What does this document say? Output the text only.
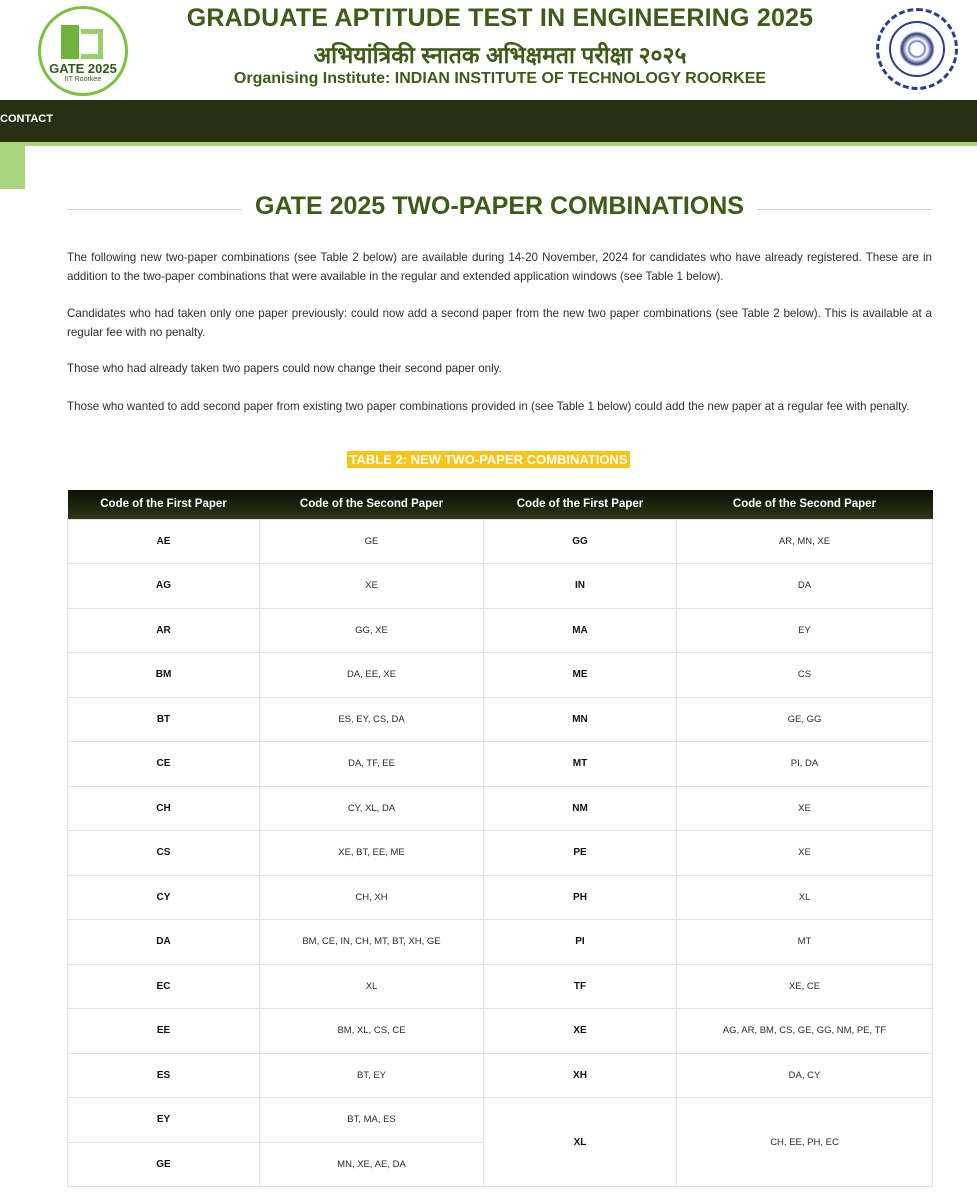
GATE 2025
IIT Roorkee
GRADUATE APTITUDE TEST IN ENGINEERING 2025
अभियांत्रिकी स्नातक अभिक्षमता परीक्षा २०२५
Organising Institute: INDIAN INSTITUTE OF TECHNOLOGY ROORKEE
CONTACT
GATE 2025 TWO-PAPER COMBINATIONS

The following new two-paper combinations (see Table 2 below) are available during 14-20 November, 2024 for candidates who have already registered. These are in addition to the two-paper combinations that were available in the regular and extended application windows (see Table 1 below).

Candidates who had taken only one paper previously: could now add a second paper from the new two paper combinations (see Table 2 below). This is available at a regular fee with no penalty.

Those who had already taken two papers could now change their second paper only.

Those who wanted to add second paper from existing two paper combinations provided in (see Table 1 below) could add the new paper at a regular fee with penalty.

TABLE 2: NEW TWO-PAPER COMBINATIONS
Code of the First Paper	Code of the Second Paper	Code of the First Paper	Code of the Second Paper
AE	GE	GG	AR, MN, XE
AG	XE	IN	DA
AR	GG, XE	MA	EY
BM	DA, EE, XE	ME	CS
BT	ES, EY, CS, DA	MN	GE, GG
CE	DA, TF, EE	MT	PI, DA
CH	CY, XL, DA	NM	XE
CS	XE, BT, EE, ME	PE	XE
CY	CH, XH	PH	XL
DA	BM, CE, IN, CH, MT, BT, XH, GE	PI	MT
EC	XL	TF	XE, CE
EE	BM, XL, CS, CE	XE	AG, AR, BM, CS, GE, GG, NM, PE, TF
ES	BT, EY	XH	DA, CY
EY	BT, MA, ES	XL	CH, EE, PH, EC
GE	MN, XE, AE, DA		
